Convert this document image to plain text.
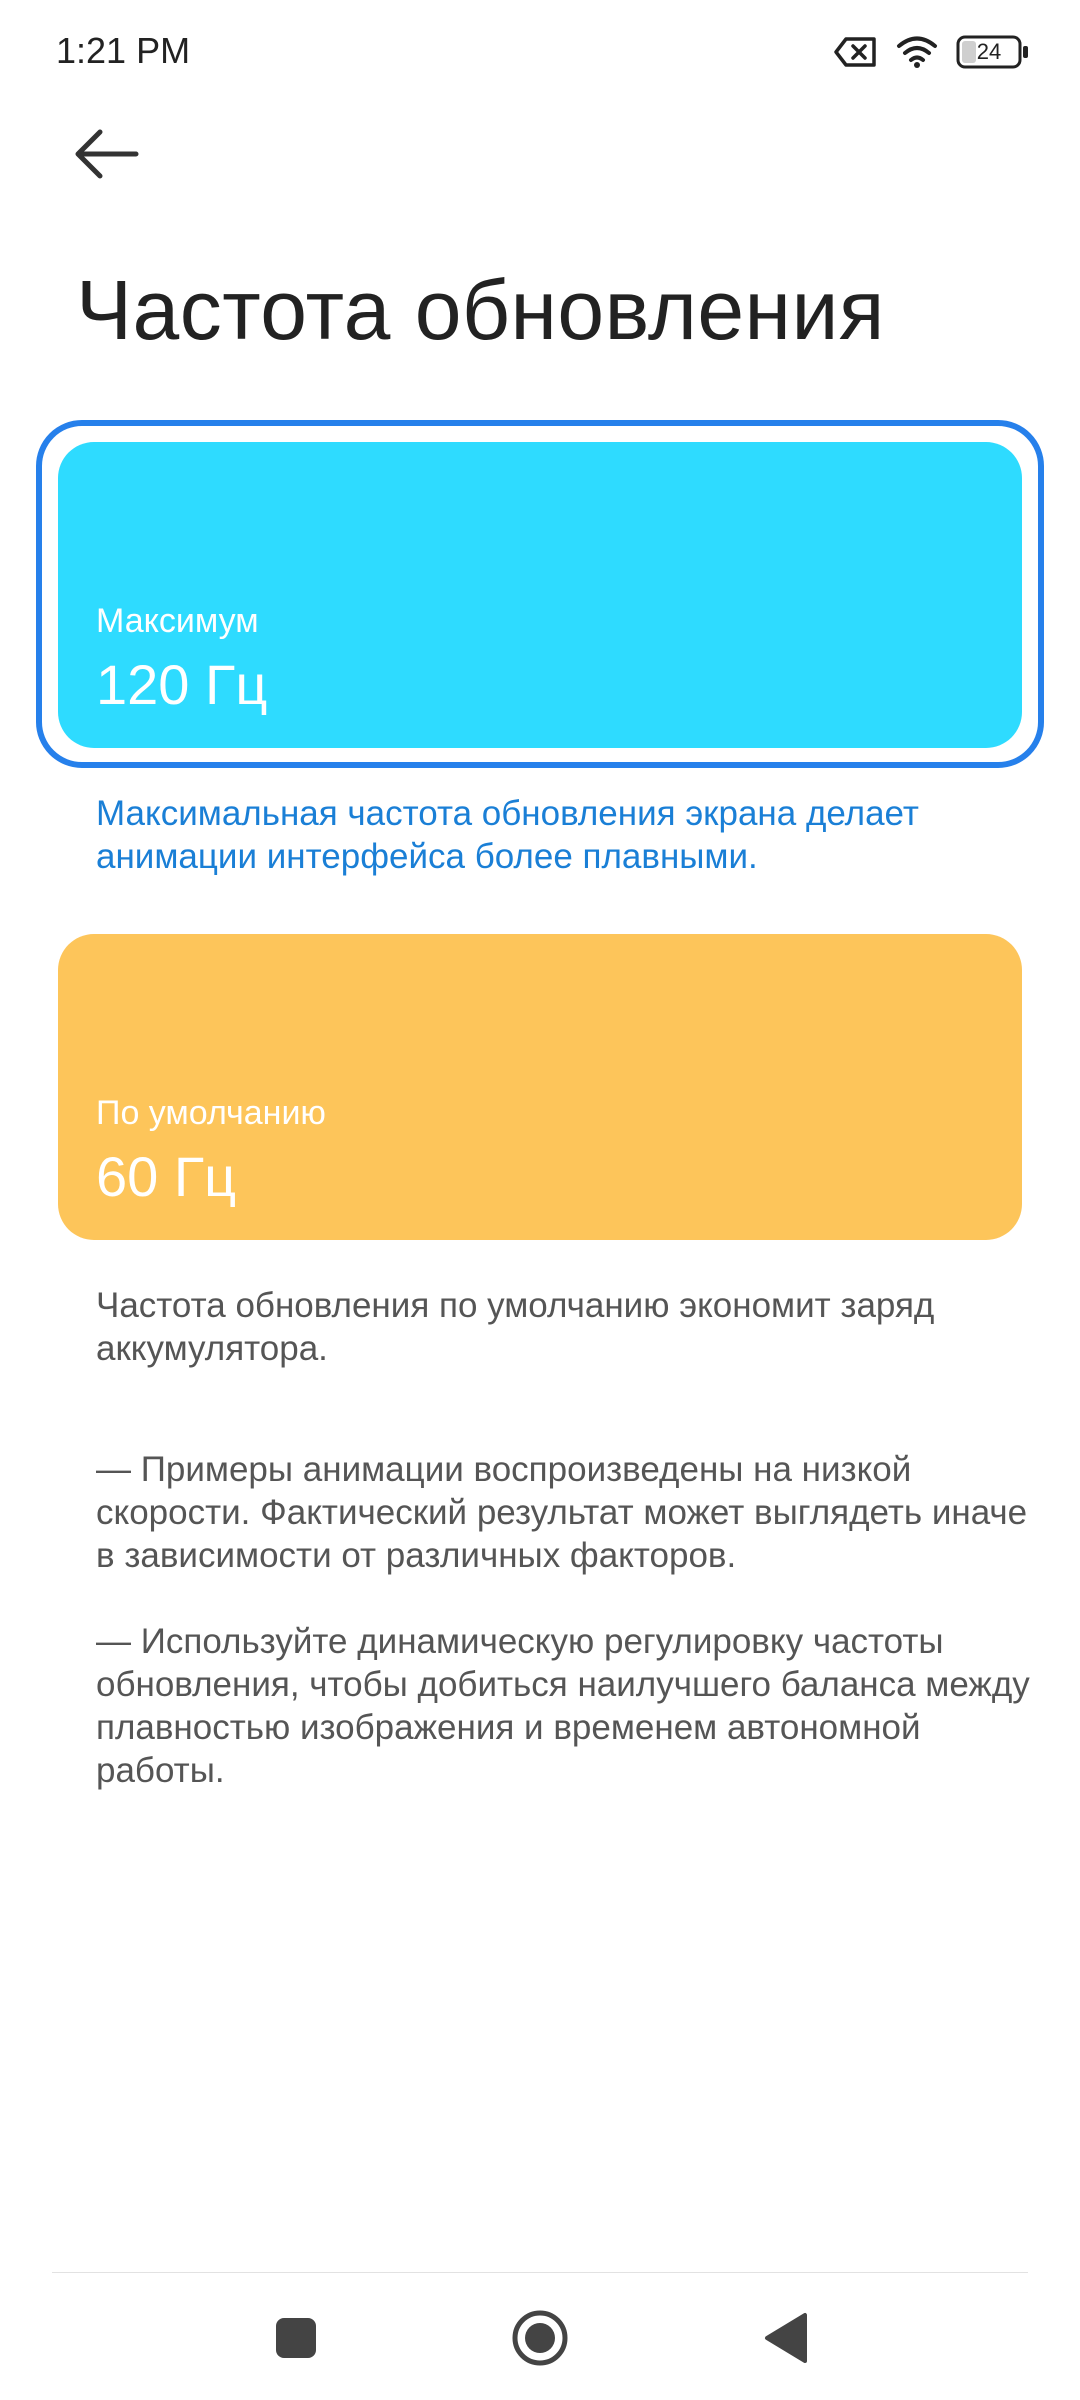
1:21 PM	24
Частота обновления
Максимум
120 Гц

Максимальная частота обновления экрана делает анимации интерфейса более плавными.

По умолчанию
60 Гц

Частота обновления по умолчанию экономит заряд аккумулятора.

— Примеры анимации воспроизведены на низкой скорости. Фактический результат может выглядеть иначе в зависимости от различных факторов.

— Используйте динамическую регулировку частоты обновления, чтобы добиться наилучшего баланса между плавностью изображения и временем автономной работы.
